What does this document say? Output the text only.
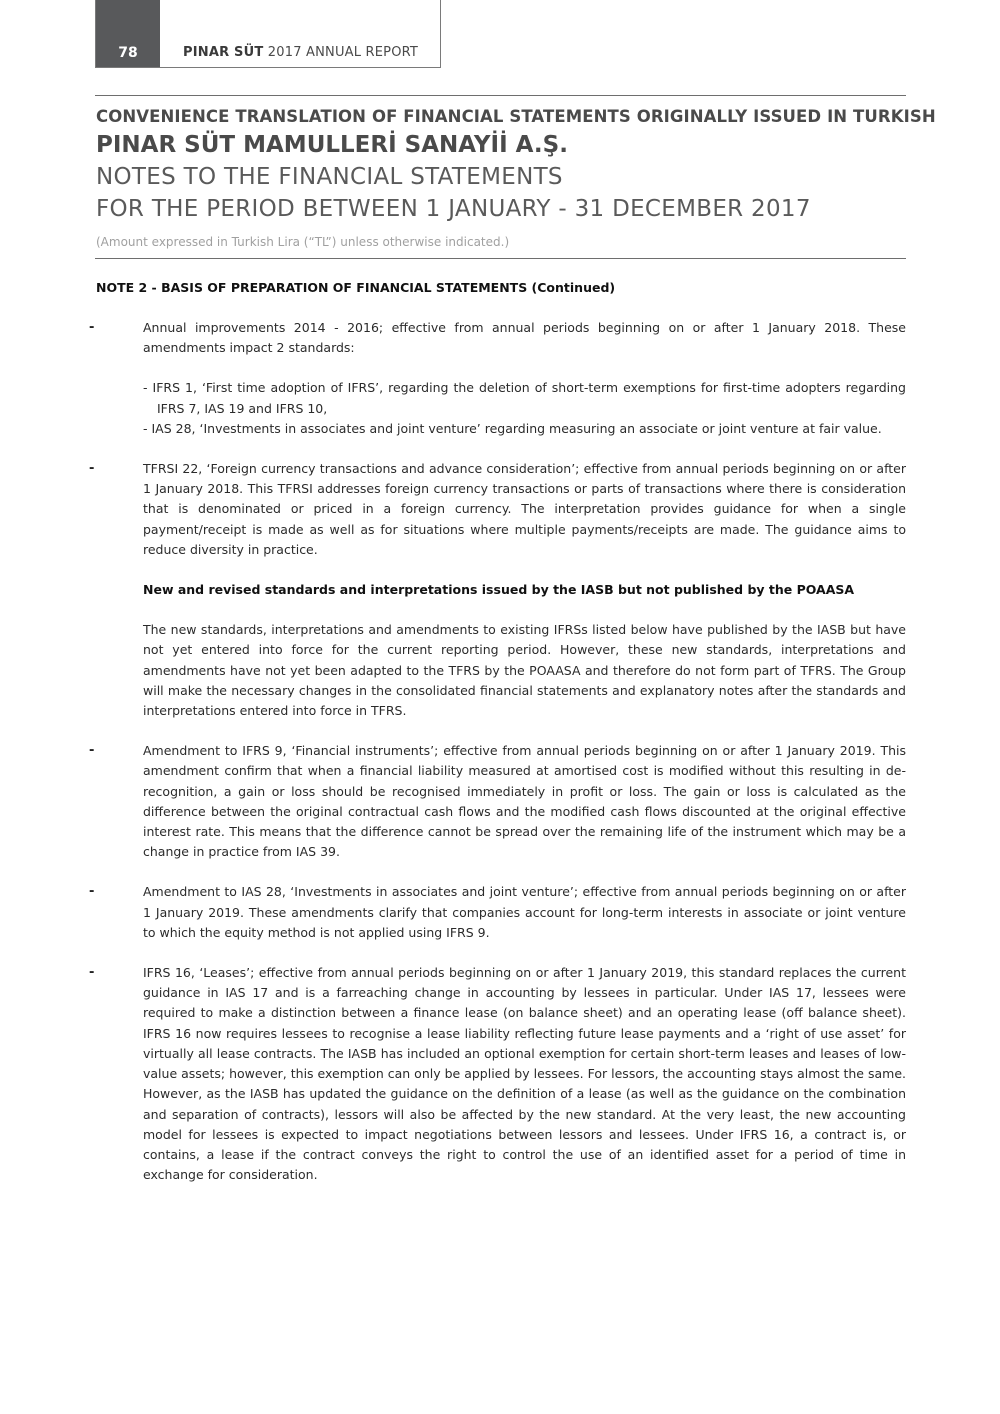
78	PINAR SÜT 2017 ANNUAL REPORT
CONVENIENCE TRANSLATION OF FINANCIAL STATEMENTS ORIGINALLY ISSUED IN TURKISH
PINAR SÜT MAMULLERİ SANAYİİ A.Ş.
NOTES TO THE FINANCIAL STATEMENTS
FOR THE PERIOD BETWEEN 1 JANUARY - 31 DECEMBER 2017
(Amount expressed in Turkish Lira (“TL”) unless otherwise indicated.)
NOTE 2 - BASIS OF PREPARATION OF FINANCIAL STATEMENTS (Continued)
-	Annual improvements 2014 - 2016; effective from annual periods beginning on or after 1 January 2018. These amendments impact 2 standards:
- IFRS 1, ‘First time adoption of IFRS’, regarding the deletion of short-term exemptions for first-time adopters regarding IFRS 7, IAS 19 and IFRS 10,
- IAS 28, ‘Investments in associates and joint venture’ regarding measuring an associate or joint venture at fair value.
-	TFRSI 22, ‘Foreign currency transactions and advance consideration’; effective from annual periods beginning on or after 1 January 2018. This TFRSI addresses foreign currency transactions or parts of transactions where there is consideration that is denominated or priced in a foreign currency. The interpretation provides guidance for when a single payment/receipt is made as well as for situations where multiple payments/receipts are made. The guidance aims to reduce diversity in practice.
New and revised standards and interpretations issued by the IASB but not published by the POAASA
The new standards, interpretations and amendments to existing IFRSs listed below have published by the IASB but have not yet entered into force for the current reporting period. However, these new standards, interpretations and amendments have not yet been adapted to the TFRS by the POAASA and therefore do not form part of TFRS. The Group will make the necessary changes in the consolidated financial statements and explanatory notes after the standards and interpretations entered into force in TFRS.
-	Amendment to IFRS 9, ‘Financial instruments’; effective from annual periods beginning on or after 1 January 2019. This amendment confirm that when a financial liability measured at amortised cost is modified without this resulting in de-recognition, a gain or loss should be recognised immediately in profit or loss. The gain or loss is calculated as the difference between the original contractual cash flows and the modified cash flows discounted at the original effective interest rate. This means that the difference cannot be spread over the remaining life of the instrument which may be a change in practice from IAS 39.
-	Amendment to IAS 28, ‘Investments in associates and joint venture’; effective from annual periods beginning on or after 1 January 2019. These amendments clarify that companies account for long-term interests in associate or joint venture to which the equity method is not applied using IFRS 9.
-	IFRS 16, ‘Leases’; effective from annual periods beginning on or after 1 January 2019, this standard replaces the current guidance in IAS 17 and is a farreaching change in accounting by lessees in particular. Under IAS 17, lessees were required to make a distinction between a finance lease (on balance sheet) and an operating lease (off balance sheet). IFRS 16 now requires lessees to recognise a lease liability reflecting future lease payments and a ‘right of use asset’ for virtually all lease contracts. The IASB has included an optional exemption for certain short-term leases and leases of low-value assets; however, this exemption can only be applied by lessees. For lessors, the accounting stays almost the same. However, as the IASB has updated the guidance on the definition of a lease (as well as the guidance on the combination and separation of contracts), lessors will also be affected by the new standard. At the very least, the new accounting model for lessees is expected to impact negotiations between lessors and lessees. Under IFRS 16, a contract is, or contains, a lease if the contract conveys the right to control the use of an identified asset for a period of time in exchange for consideration.
